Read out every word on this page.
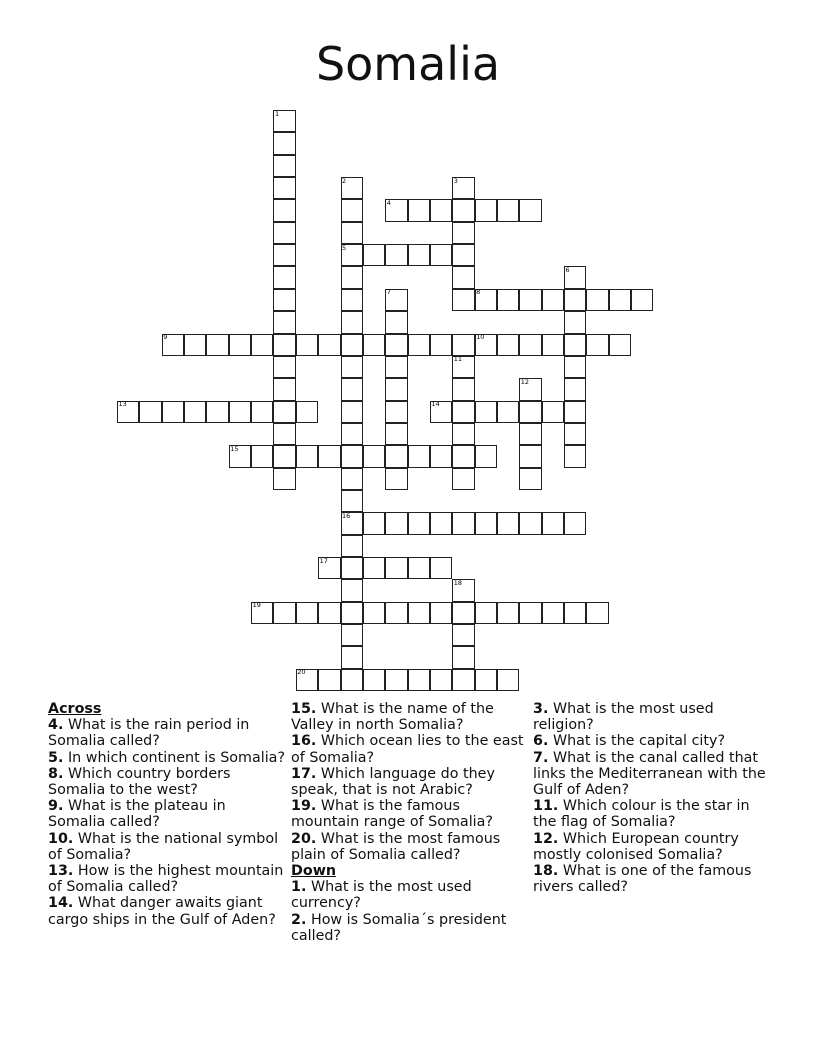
Somalia
1
2	3
4
5
6
7	8
9	10
11
12
13	14
15
16
17
18
19
20

Across

4. What is the rain period in Somalia called?

5. In which continent is Somalia?

8. Which country borders Somalia to the west?

9. What is the plateau in Somalia called?

10. What is the national symbol of Somalia?

13. How is the highest mountain of Somalia called?

14. What danger awaits giant cargo ships in the Gulf of Aden?

15. What is the name of the Valley in north Somalia?

16. Which ocean lies to the east of Somalia?

17. Which language do they speak, that is not Arabic?

19. What is the famous mountain range of Somalia?

20. What is the most famous plain of Somalia called?

Down

1. What is the most used currency?

2. How is Somalia´s president called?

3. What is the most used religion?

6. What is the capital city?

7. What is the canal called that links the Mediterranean with the Gulf of Aden?

11. Which colour is the star in the flag of Somalia?

12. Which European country mostly colonised Somalia?

18. What is one of the famous rivers called?
